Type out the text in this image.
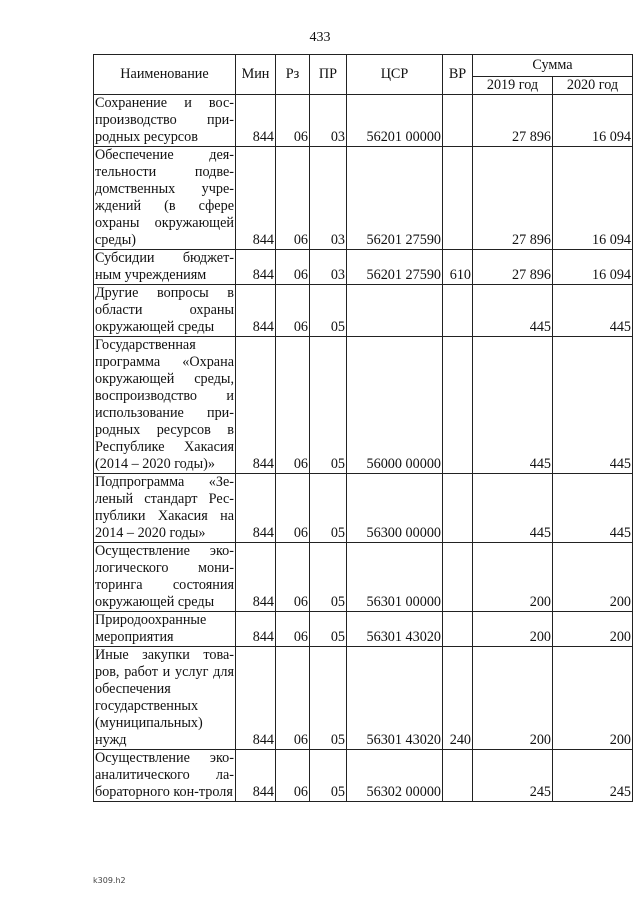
433
Наименование	Мин	Рз	ПР	ЦСР	ВР	Сумма	
						2019 год	2020 год
Сохранение и вос-производство при-родных ресурсов	844	06	03	56201 00000		27 896	16 094
Обеспечение дея-тельности подве-домственных учре-ждений (в сфере охраны окружающей среды)	844	06	03	56201 27590		27 896	16 094
Субсидии бюджет-ным учреждениям	844	06	03	56201 27590	610	27 896	16 094
Другие вопросы в области охраны окружающей среды	844	06	05			445	445
Государственная программа «Охрана окружающей среды, воспроизводство и использование при-родных ресурсов в Республике Хакасия (2014 – 2020 годы)»	844	06	05	56000 00000		445	445
Подпрограмма «Зе-леный стандарт Рес-публики Хакасия на 2014 – 2020 годы»	844	06	05	56300 00000		445	445
Осуществление эко-логического мони-торинга состояния окружающей среды	844	06	05	56301 00000		200	200
Природоохранные мероприятия	844	06	05	56301 43020		200	200
Иные закупки това-ров, работ и услуг для обеспечения государственных (муниципальных) нужд	844	06	05	56301 43020	240	200	200
Осуществление эко-аналитического ла-бораторного кон-троля	844	06	05	56302 00000		245	245
k309.h2
